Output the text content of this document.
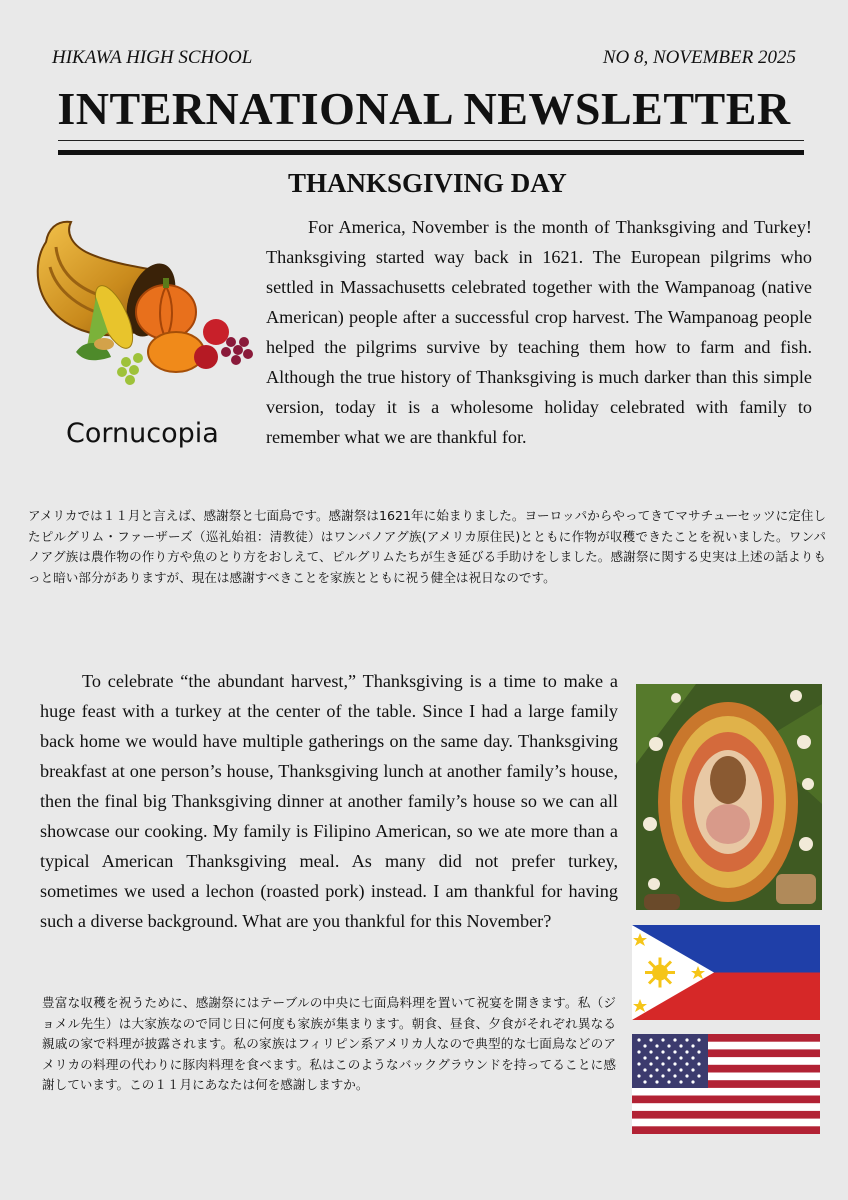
HIKAWA HIGH SCHOOL	NO 8, NOVEMBER 2025
INTERNATIONAL NEWSLETTER
THANKSGIVING DAY
Cornucopia
For America, November is the month of Thanksgiving and Turkey! Thanksgiving started way back in 1621. The European pilgrims who settled in Massachusetts celebrated together with the Wampanoag (native American) people after a successful crop harvest. The Wampanoag people helped the pilgrims survive by teaching them how to farm and fish. Although the true history of Thanksgiving is much darker than this simple version, today it is a wholesome holiday celebrated with family to remember what we are thankful for.
アメリカでは１１月と言えば、感謝祭と七面鳥です。感謝祭は1621年に始まりました。ヨーロッパからやってきてマサチューセッツに定住したピルグリム・ファーザーズ（巡礼始祖：清教徒）はワンパノアグ族(アメリカ原住民)とともに作物が収穫できたことを祝いました。ワンパノアグ族は農作物の作り方や魚のとり方をおしえて、ピルグリムたちが生き延びる手助けをしました。感謝祭に関する史実は上述の話よりもっと暗い部分がありますが、現在は感謝すべきことを家族とともに祝う健全は祝日なのです。
To celebrate “the abundant harvest,” Thanksgiving is a time to make a huge feast with a turkey at the center of the table. Since I had a large family back home we would have multiple gatherings on the same day. Thanksgiving breakfast at one person’s house, Thanksgiving lunch at another family’s house, then the final big Thanksgiving dinner at another family’s house so we can all showcase our cooking. My family is Filipino American, so we ate more than a typical American Thanksgiving meal. As many did not prefer turkey, sometimes we used a lechon (roasted pork) instead. I am thankful for having such a diverse background. What are you thankful for this November?
豊富な収穫を祝うために、感謝祭にはテーブルの中央に七面鳥料理を置いて祝宴を開きます。私（ジョメル先生）は大家族なので同じ日に何度も家族が集まります。朝食、昼食、夕食がそれぞれ異なる親戚の家で料理が披露されます。私の家族はフィリピン系アメリカ人なので典型的な七面鳥などのアメリカの料理の代わりに豚肉料理を食べます。私はこのようなバックグラウンドを持ってることに感謝しています。この１１月にあなたは何を感謝しますか。
